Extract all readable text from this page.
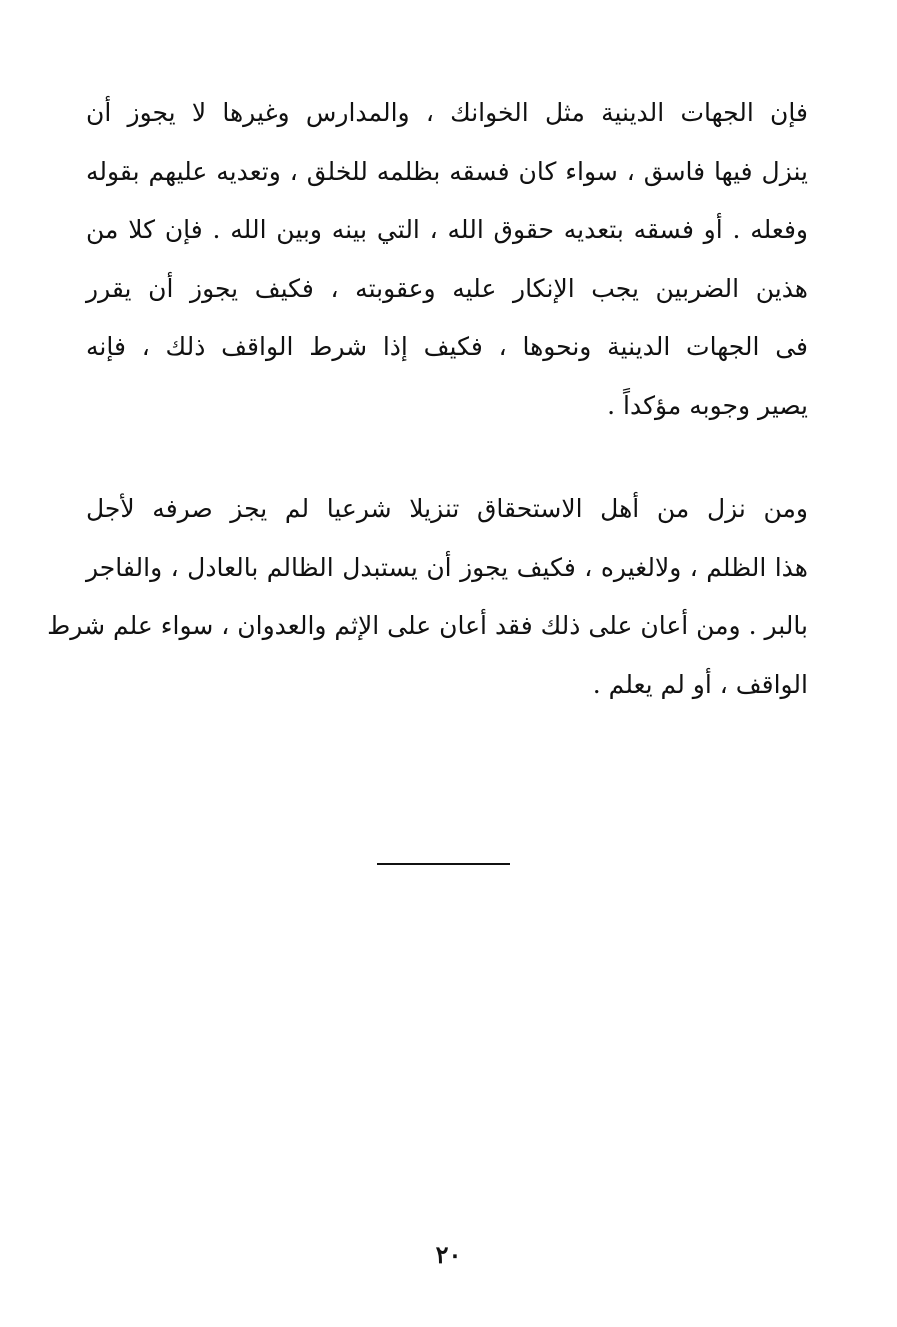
فإن الجهات الدينية مثل الخوانك ، والمدارس وغيرها لا يجوز أن
ينزل فيها فاسق ، سواء كان فسقه بظلمه للخلق ، وتعديه عليهم بقوله
وفعله . أو فسقه بتعديه حقوق الله ، التي بينه وبين الله . فإن كلا من
هذين الضربين يجب الإنكار عليه وعقوبته ، فكيف يجوز أن يقرر
فى الجهات الدينية ونحوها ، فكيف إذا شرط الواقف ذلك ، فإنه
يصير وجوبه مؤكداً .
ومن نزل من أهل الاستحقاق تنزيلا شرعيا لم يجز صرفه لأجل
هذا الظلم ، ولالغيره ، فكيف يجوز أن يستبدل الظالم بالعادل ، والفاجر
بالبر . ومن أعان على ذلك فقد أعان على الإثم والعدوان ، سواء علم شرط
الواقف ، أو لم يعلم .
٢٠
